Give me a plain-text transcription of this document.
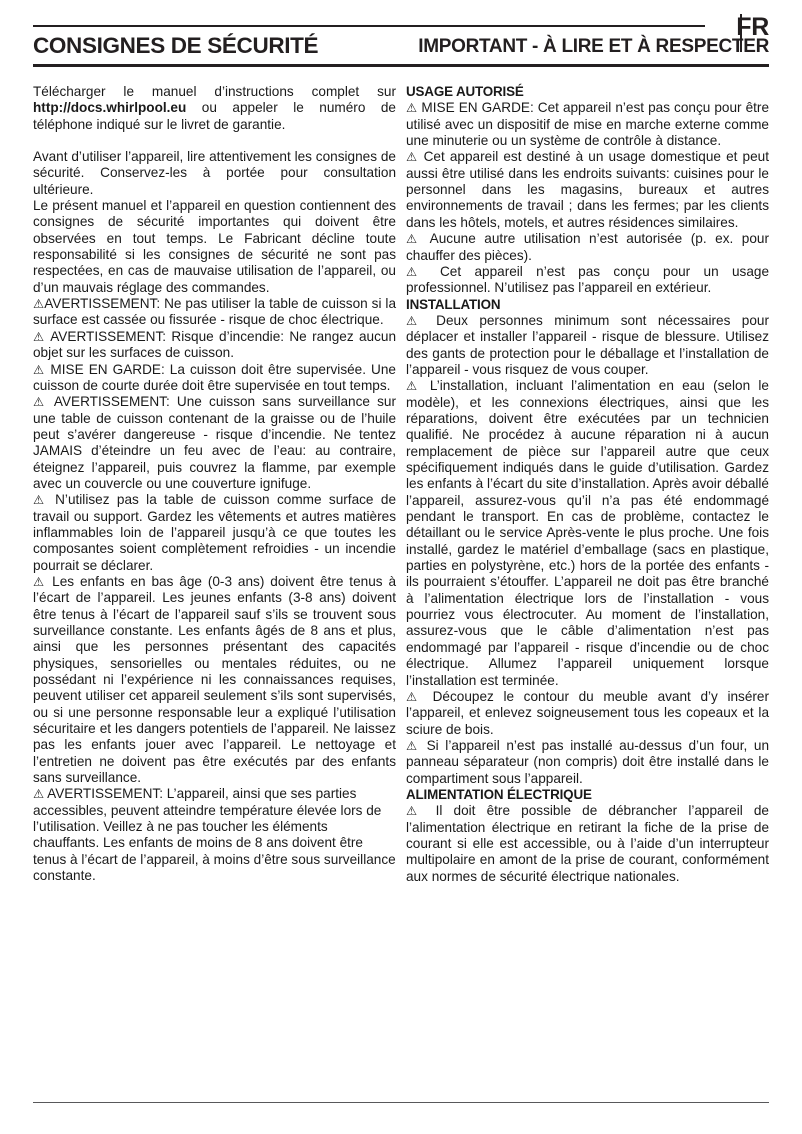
FR
CONSIGNES DE SÉCURITÉ	IMPORTANT - À LIRE ET À RESPECTER

Télécharger le manuel d’instructions complet sur http://docs.whirlpool.eu ou appeler le numéro de téléphone indiqué sur le livret de garantie.

Avant d’utiliser l’appareil, lire attentivement les consignes de sécurité. Conservez-les à portée pour consultation ultérieure.

Le présent manuel et l’appareil en question contiennent des consignes de sécurité importantes qui doivent être observées en tout temps. Le Fabricant décline toute responsabilité si les consignes de sécurité ne sont pas respectées, en cas de mauvaise utilisation de l’appareil, ou d’un mauvais réglage des commandes.

⚠AVERTISSEMENT: Ne pas utiliser la table de cuisson si la surface est cassée ou fissurée - risque de choc électrique.

⚠ AVERTISSEMENT: Risque d’incendie: Ne rangez aucun objet sur les surfaces de cuisson.

⚠ MISE EN GARDE: La cuisson doit être supervisée. Une cuisson de courte durée doit être supervisée en tout temps.

⚠ AVERTISSEMENT: Une cuisson sans surveillance sur une table de cuisson contenant de la graisse ou de l’huile peut s’avérer dangereuse - risque d’incendie. Ne tentez JAMAIS d’éteindre un feu avec de l’eau: au contraire, éteignez l’appareil, puis couvrez la flamme, par exemple avec un couvercle ou une couverture ignifuge.

⚠ N’utilisez pas la table de cuisson comme surface de travail ou support. Gardez les vêtements et autres matières inflammables loin de l’appareil jusqu’à ce que toutes les composantes soient complètement refroidies - un incendie pourrait se déclarer.

⚠ Les enfants en bas âge (0-3 ans) doivent être tenus à l’écart de l’appareil. Les jeunes enfants (3-8 ans) doivent être tenus à l’écart de l’appareil sauf s’ils se trouvent sous surveillance constante. Les enfants âgés de 8 ans et plus, ainsi que les personnes présentant des capacités physiques, sensorielles ou mentales réduites, ou ne possédant ni l’expérience ni les connaissances requises, peuvent utiliser cet appareil seulement s’ils sont supervisés, ou si une personne responsable leur a expliqué l’utilisation sécuritaire et les dangers potentiels de l’appareil. Ne laissez pas les enfants jouer avec l’appareil. Le nettoyage et l’entretien ne doivent pas être exécutés par des enfants sans surveillance.

⚠ AVERTISSEMENT: L’appareil, ainsi que ses parties accessibles, peuvent atteindre température élevée lors de l’utilisation. Veillez à ne pas toucher les éléments chauffants. Les enfants de moins de 8 ans doivent être tenus à l’écart de l’appareil, à moins d’être sous surveillance constante.

USAGE AUTORISÉ

⚠ MISE EN GARDE: Cet appareil n’est pas conçu pour être utilisé avec un dispositif de mise en marche externe comme une minuterie ou un système de contrôle à distance.

⚠ Cet appareil est destiné à un usage domestique et peut aussi être utilisé dans les endroits suivants: cuisines pour le personnel dans les magasins, bureaux et autres environnements de travail ; dans les fermes; par les clients dans les hôtels, motels, et autres résidences similaires.

⚠ Aucune autre utilisation n’est autorisée (p. ex. pour chauffer des pièces).

⚠ Cet appareil n’est pas conçu pour un usage professionnel. N’utilisez pas l’appareil en extérieur.

INSTALLATION

⚠ Deux personnes minimum sont nécessaires pour déplacer et installer l’appareil - risque de blessure. Utilisez des gants de protection pour le déballage et l’installation de l’appareil - vous risquez de vous couper.

⚠ L’installation, incluant l’alimentation en eau (selon le modèle), et les connexions électriques, ainsi que les réparations, doivent être exécutées par un technicien qualifié. Ne procédez à aucune réparation ni à aucun remplacement de pièce sur l’appareil autre que ceux spécifiquement indiqués dans le guide d’utilisation. Gardez les enfants à l’écart du site d’installation. Après avoir déballé l’appareil, assurez-vous qu’il n’a pas été endommagé pendant le transport. En cas de problème, contactez le détaillant ou le service Après-vente le plus proche. Une fois installé, gardez le matériel d’emballage (sacs en plastique, parties en polystyrène, etc.) hors de la portée des enfants - ils pourraient s’étouffer. L’appareil ne doit pas être branché à l’alimentation électrique lors de l’installation - vous pourriez vous électrocuter. Au moment de l’installation, assurez-vous que le câble d’alimentation n’est pas endommagé par l’appareil - risque d’incendie ou de choc électrique. Allumez l’appareil uniquement lorsque l’installation est terminée.

⚠ Découpez le contour du meuble avant d’y insérer l’appareil, et enlevez soigneusement tous les copeaux et la sciure de bois.

⚠ Si l’appareil n’est pas installé au-dessus d’un four, un panneau séparateur (non compris) doit être installé dans le compartiment sous l’appareil.

ALIMENTATION ÉLECTRIQUE

⚠ Il doit être possible de débrancher l’appareil de l’alimentation électrique en retirant la fiche de la prise de courant si elle est accessible, ou à l’aide d’un interrupteur multipolaire en amont de la prise de courant, conformément aux normes de sécurité électrique nationales.
